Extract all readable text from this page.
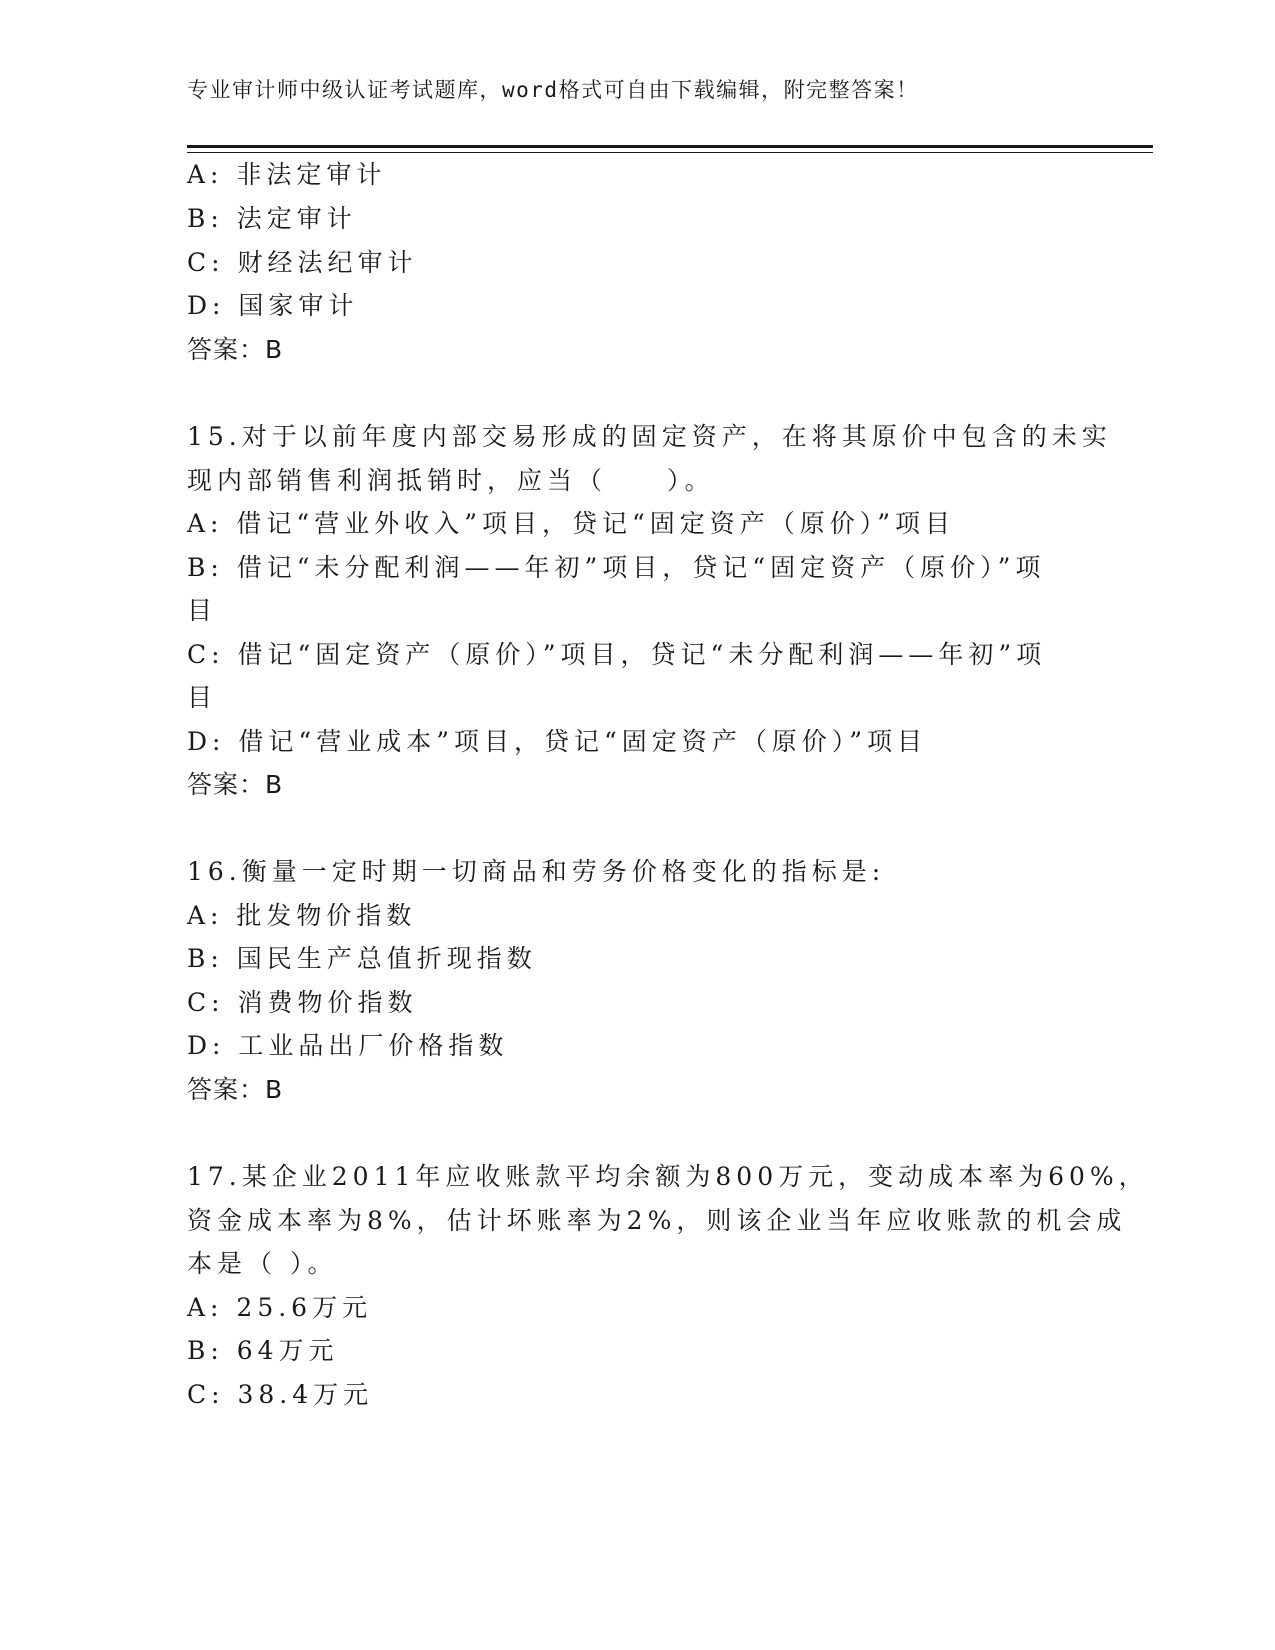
专业审计师中级认证考试题库，word格式可自由下载编辑，附完整答案！
A: 非法定审计
B: 法定审计
C: 财经法纪审计
D: 国家审计
答案：B
15.对于以前年度内部交易形成的固定资产，在将其原价中包含的未实
现内部销售利润抵销时，应当（　　）。
A: 借记“营业外收入”项目，贷记“固定资产（原价）”项目
B: 借记“未分配利润——年初”项目，贷记“固定资产（原价）”项
目
C: 借记“固定资产（原价）”项目，贷记“未分配利润——年初”项
目
D: 借记“营业成本”项目，贷记“固定资产（原价）”项目
答案：B
16.衡量一定时期一切商品和劳务价格变化的指标是:
A: 批发物价指数
B: 国民生产总值折现指数
C: 消费物价指数
D: 工业品出厂价格指数
答案：B
17.某企业2011年应收账款平均余额为800万元，变动成本率为60%，
资金成本率为8%，估计坏账率为2%，则该企业当年应收账款的机会成
本是（ ）。
A: 25.6万元
B: 64万元
C: 38.4万元
